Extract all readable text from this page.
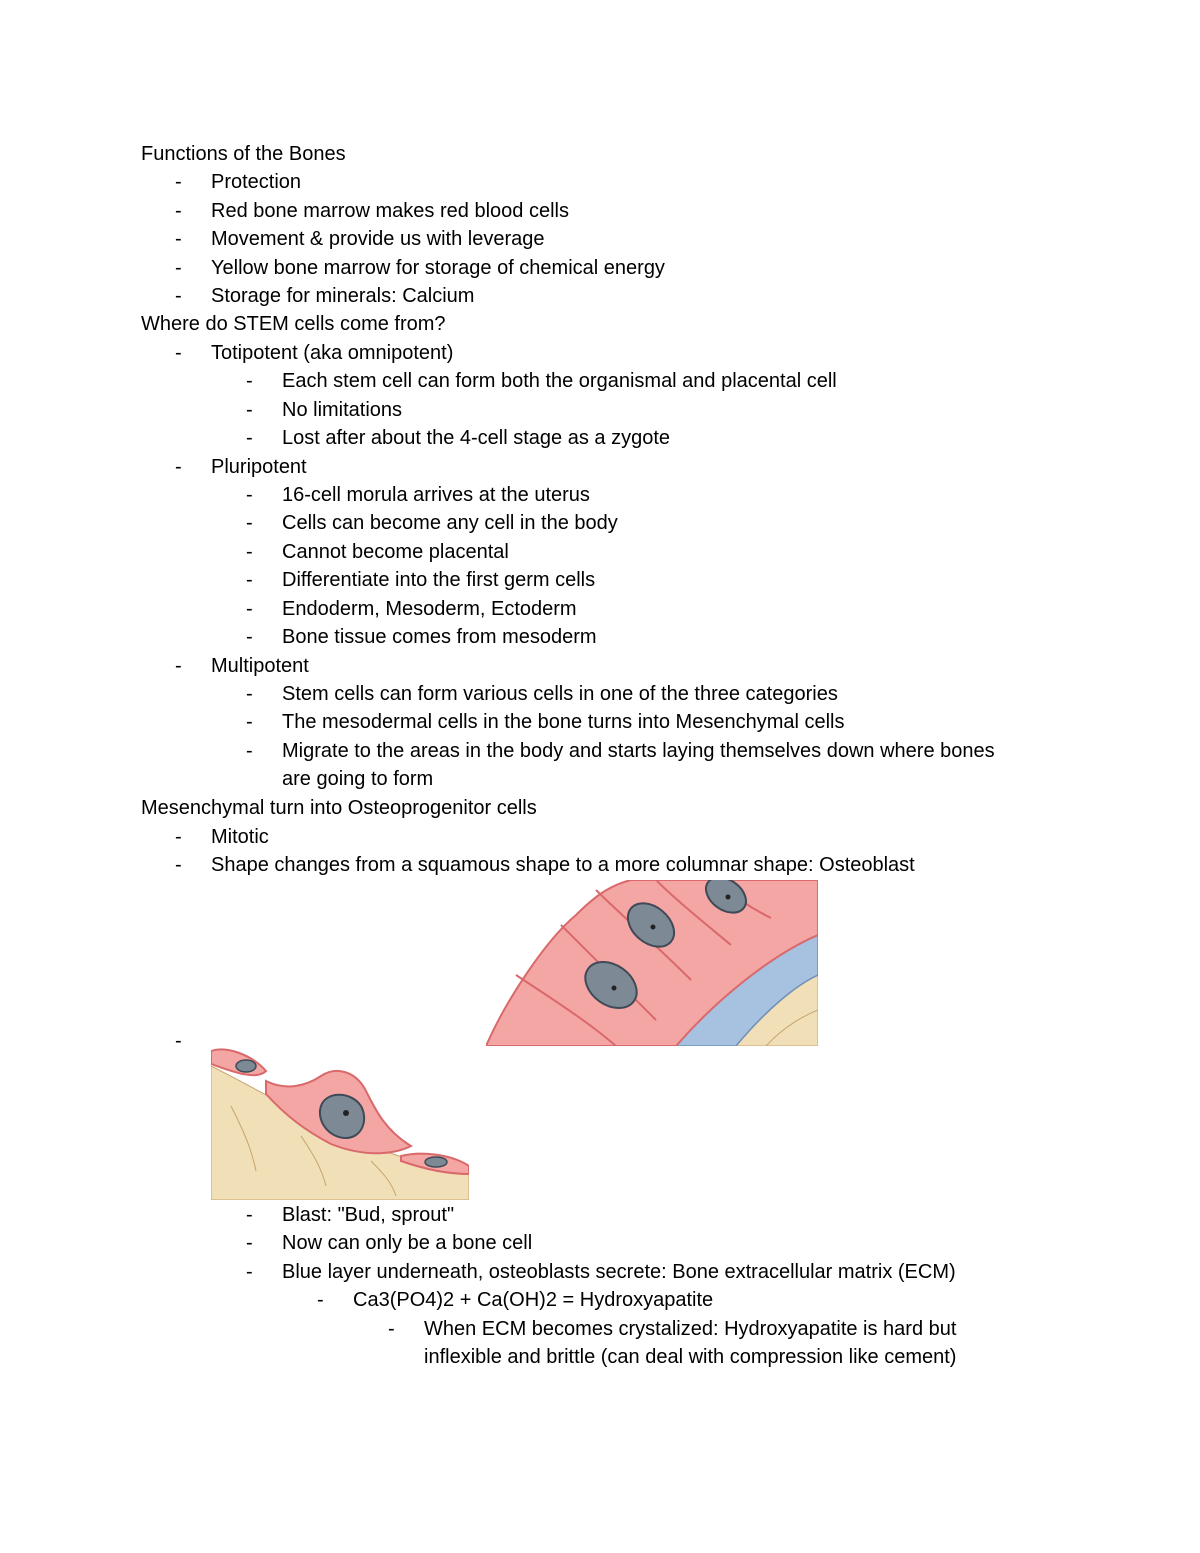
Functions of the Bones
- Protection
- Red bone marrow makes red blood cells
- Movement & provide us with leverage
- Yellow bone marrow for storage of chemical energy
- Storage for minerals: Calcium
Where do STEM cells come from?
- Totipotent (aka omnipotent)
- Each stem cell can form both the organismal and placental cell
- No limitations
- Lost after about the 4-cell stage as a zygote
- Pluripotent
- 16-cell morula arrives at the uterus
- Cells can become any cell in the body
- Cannot become placental
- Differentiate into the first germ cells
- Endoderm, Mesoderm, Ectoderm
- Bone tissue comes from mesoderm
- Multipotent
- Stem cells can form various cells in one of the three categories
- The mesodermal cells in the bone turns into Mesenchymal cells
- Migrate to the areas in the body and starts laying themselves down where bones
are going to form
Mesenchymal turn into Osteoprogenitor cells
- Mitotic
- Shape changes from a squamous shape to a more columnar shape: Osteoblast
-
- Blast: "Bud, sprout"
- Now can only be a bone cell
- Blue layer underneath, osteoblasts secrete: Bone extracellular matrix (ECM)
- Ca3(PO4)2 + Ca(OH)2 = Hydroxyapatite
- When ECM becomes crystalized: Hydroxyapatite is hard but
inflexible and brittle (can deal with compression like cement)
